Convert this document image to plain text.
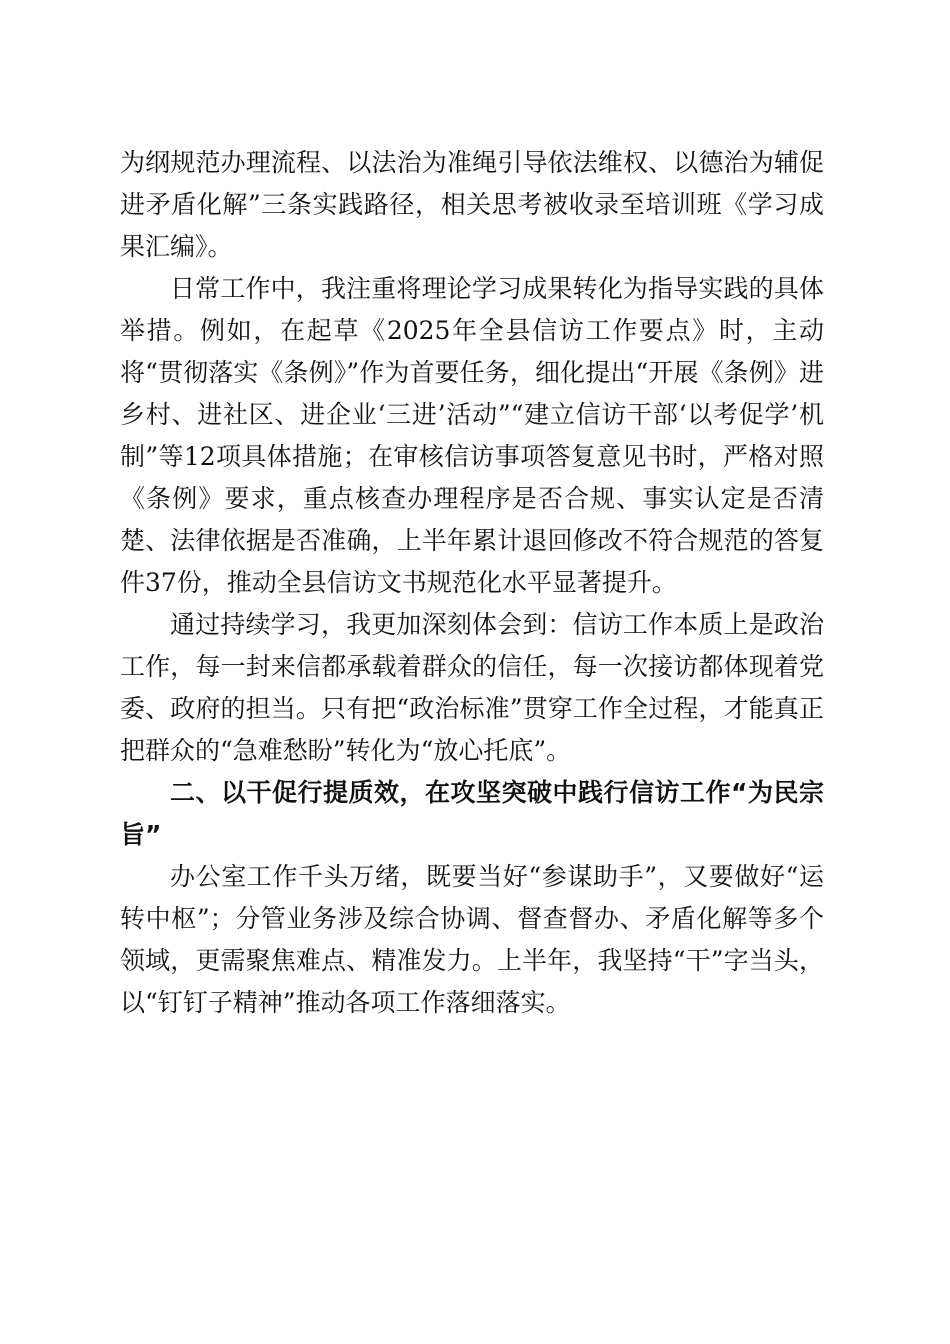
为纲规范办理流程、以法治为准绳引导依法维权、以德治为辅促进矛盾化解”三条实践路径，相关思考被收录至培训班《学习成果汇编》。

日常工作中，我注重将理论学习成果转化为指导实践的具体举措。例如，在起草《2025年全县信访工作要点》时，主动将“贯彻落实《条例》”作为首要任务，细化提出“开展《条例》进乡村、进社区、进企业‘三进’活动”“建立信访干部‘以考促学’机制”等12项具体措施；在审核信访事项答复意见书时，严格对照《条例》要求，重点核查办理程序是否合规、事实认定是否清楚、法律依据是否准确，上半年累计退回修改不符合规范的答复件37份，推动全县信访文书规范化水平显著提升。

通过持续学习，我更加深刻体会到：信访工作本质上是政治工作，每一封来信都承载着群众的信任，每一次接访都体现着党委、政府的担当。只有把“政治标准”贯穿工作全过程，才能真正把群众的“急难愁盼”转化为“放心托底”。

二、以干促行提质效，在攻坚突破中践行信访工作“为民宗旨”

办公室工作千头万绪，既要当好“参谋助手”，又要做好“运转中枢”；分管业务涉及综合协调、督查督办、矛盾化解等多个领域，更需聚焦难点、精准发力。上半年，我坚持“干”字当头，以“钉钉子精神”推动各项工作落细落实。
